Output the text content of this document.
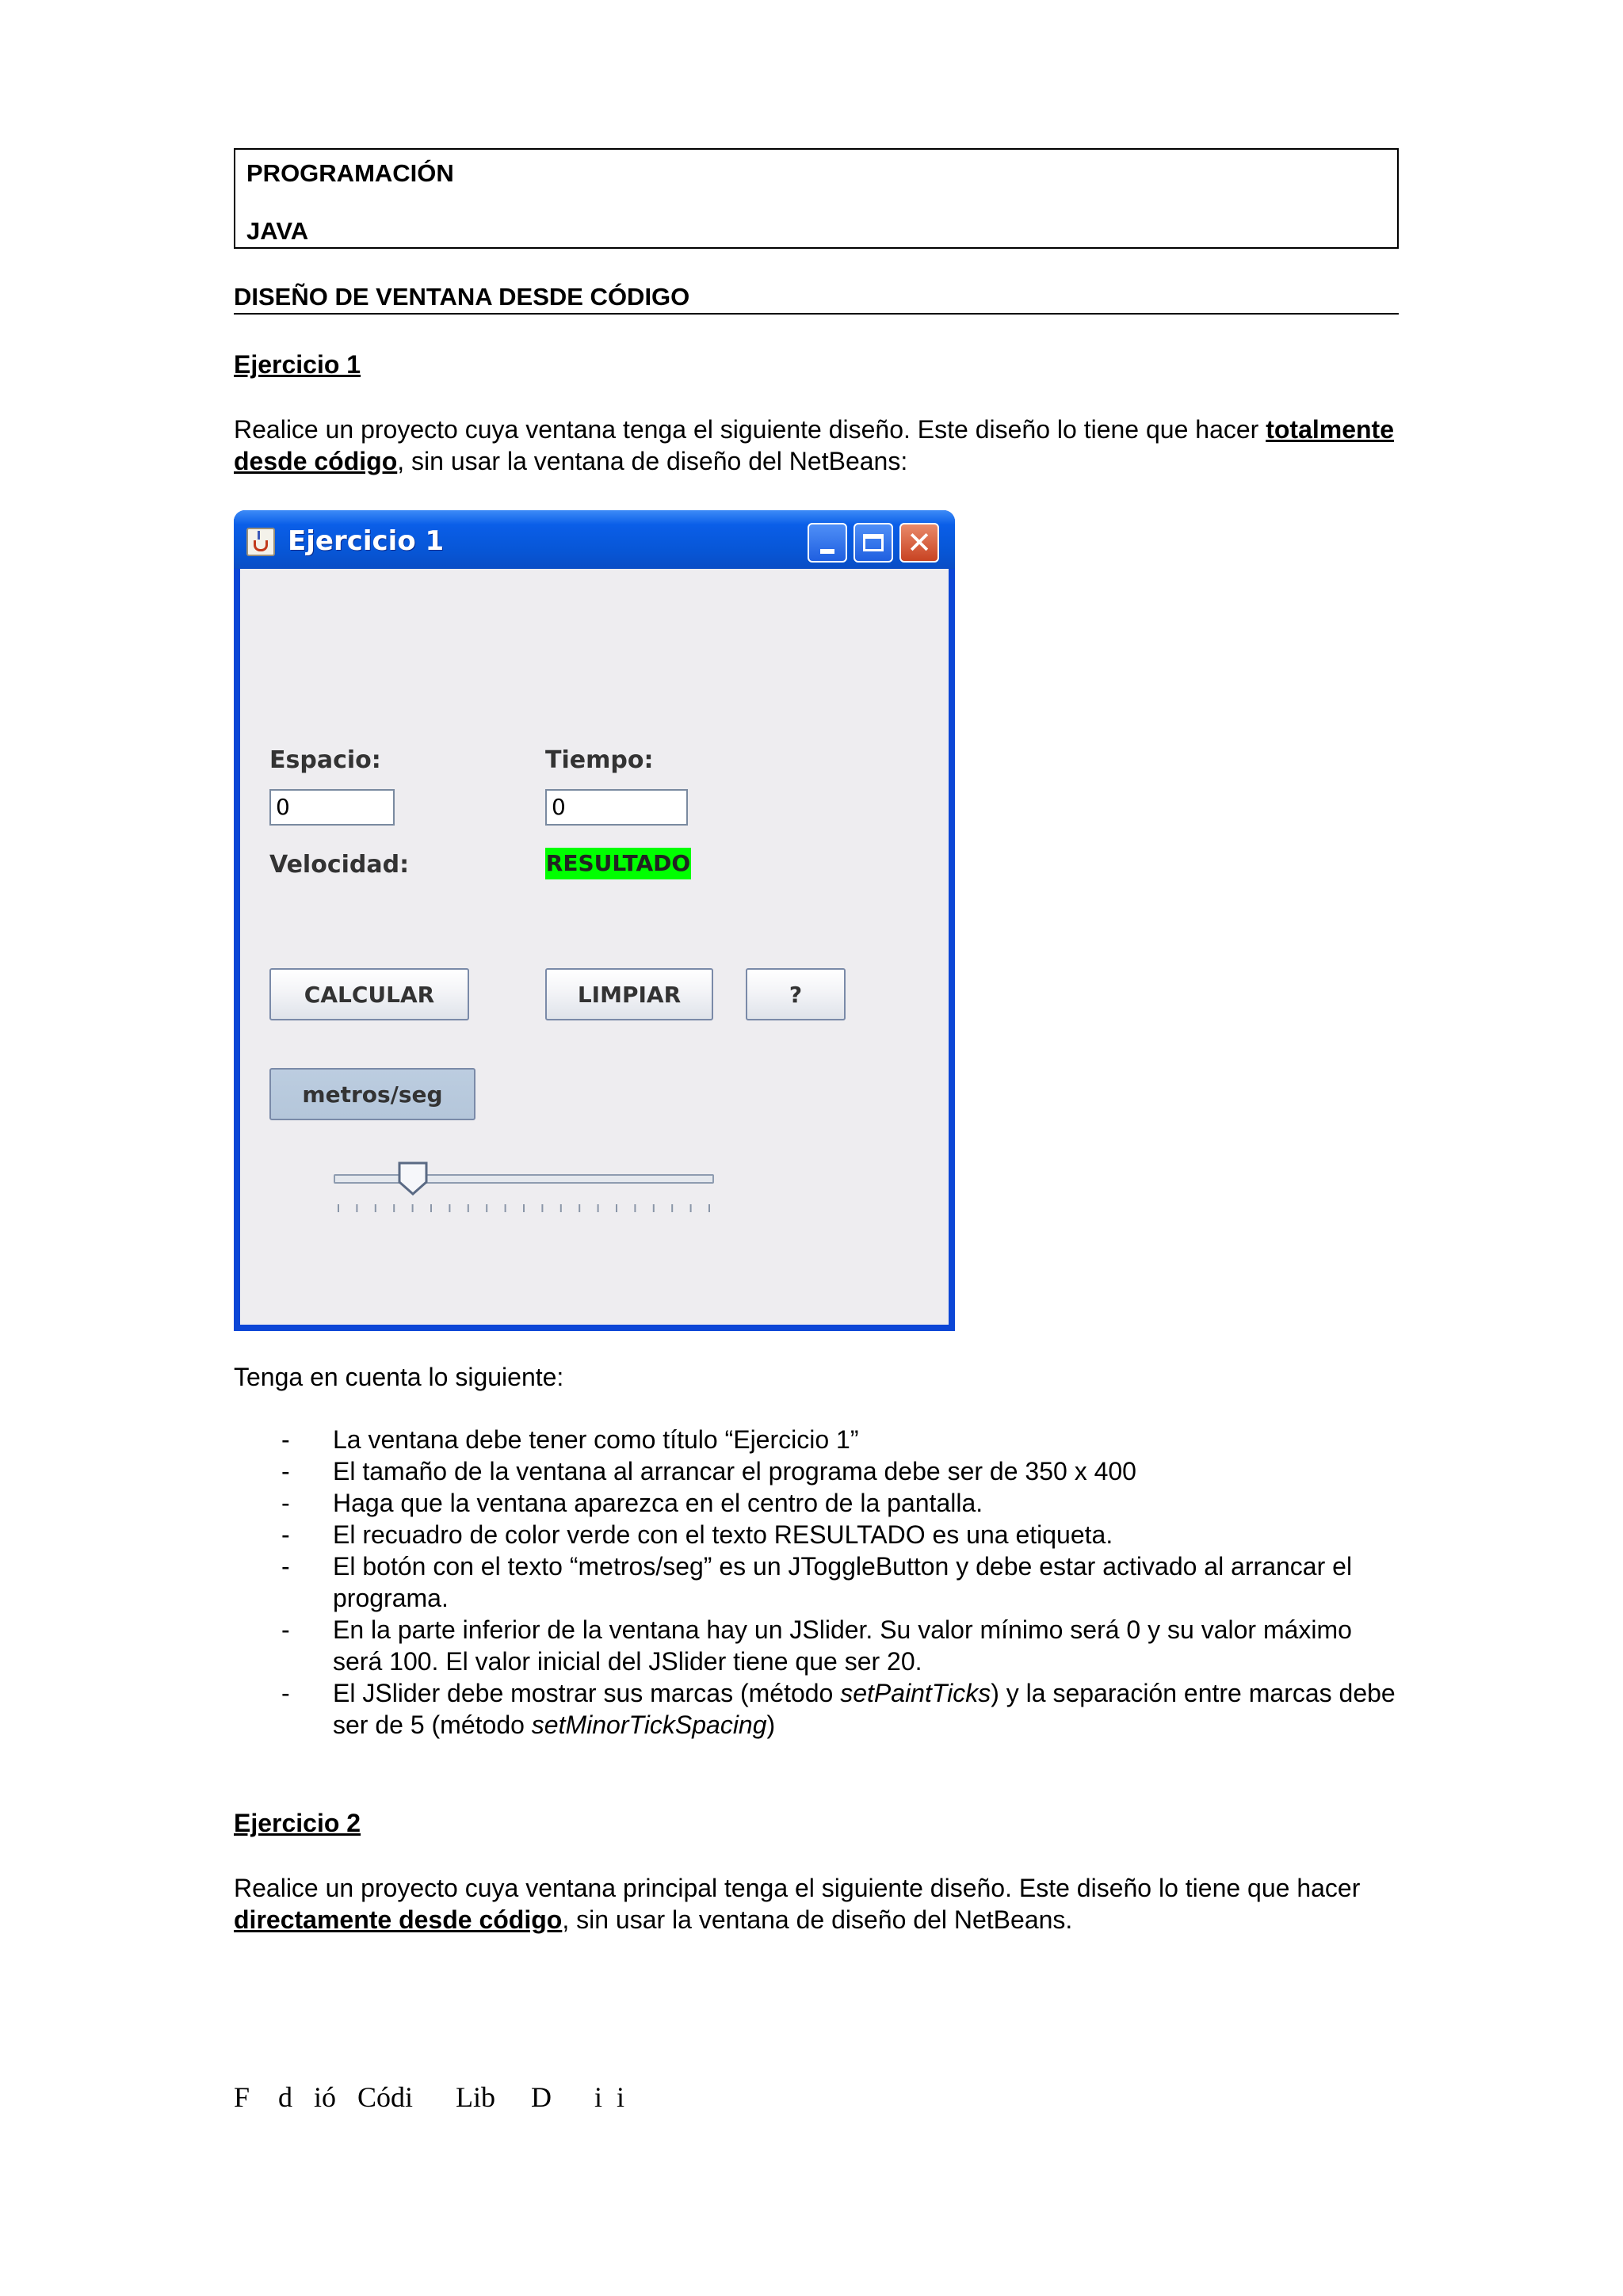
PROGRAMACIÓN
JAVA
DISEÑO DE VENTANA DESDE CÓDIGO
Ejercicio 1
Realice un proyecto cuya ventana tenga el siguiente diseño. Este diseño lo tiene que hacer totalmente desde código, sin usar la ventana de diseño del NetBeans:
Ejercicio 1	✕
Espacio:	Tiempo:
0	0
Velocidad:	RESULTADO
CALCULAR	LIMPIAR	?
metros/seg
Tenga en cuenta lo siguiente:
- La ventana debe tener como título “Ejercicio 1”
- El tamaño de la ventana al arrancar el programa debe ser de 350 x 400
- Haga que la ventana aparezca en el centro de la pantalla.
- El recuadro de color verde con el texto RESULTADO es una etiqueta.
- El botón con el texto “metros/seg” es un JToggleButton y debe estar activado al arrancar el programa.
- En la parte inferior de la ventana hay un JSlider. Su valor mínimo será 0 y su valor máximo será 100. El valor inicial del JSlider tiene que ser 20.
- El JSlider debe mostrar sus marcas (método setPaintTicks) y la separación entre marcas debe ser de 5 (método setMinorTickSpacing)
Ejercicio 2
Realice un proyecto cuya ventana principal tenga el siguiente diseño. Este diseño lo tiene que hacer directamente desde código, sin usar la ventana de diseño del NetBeans.
F    d   ió   Códi      Lib     D      i  i
